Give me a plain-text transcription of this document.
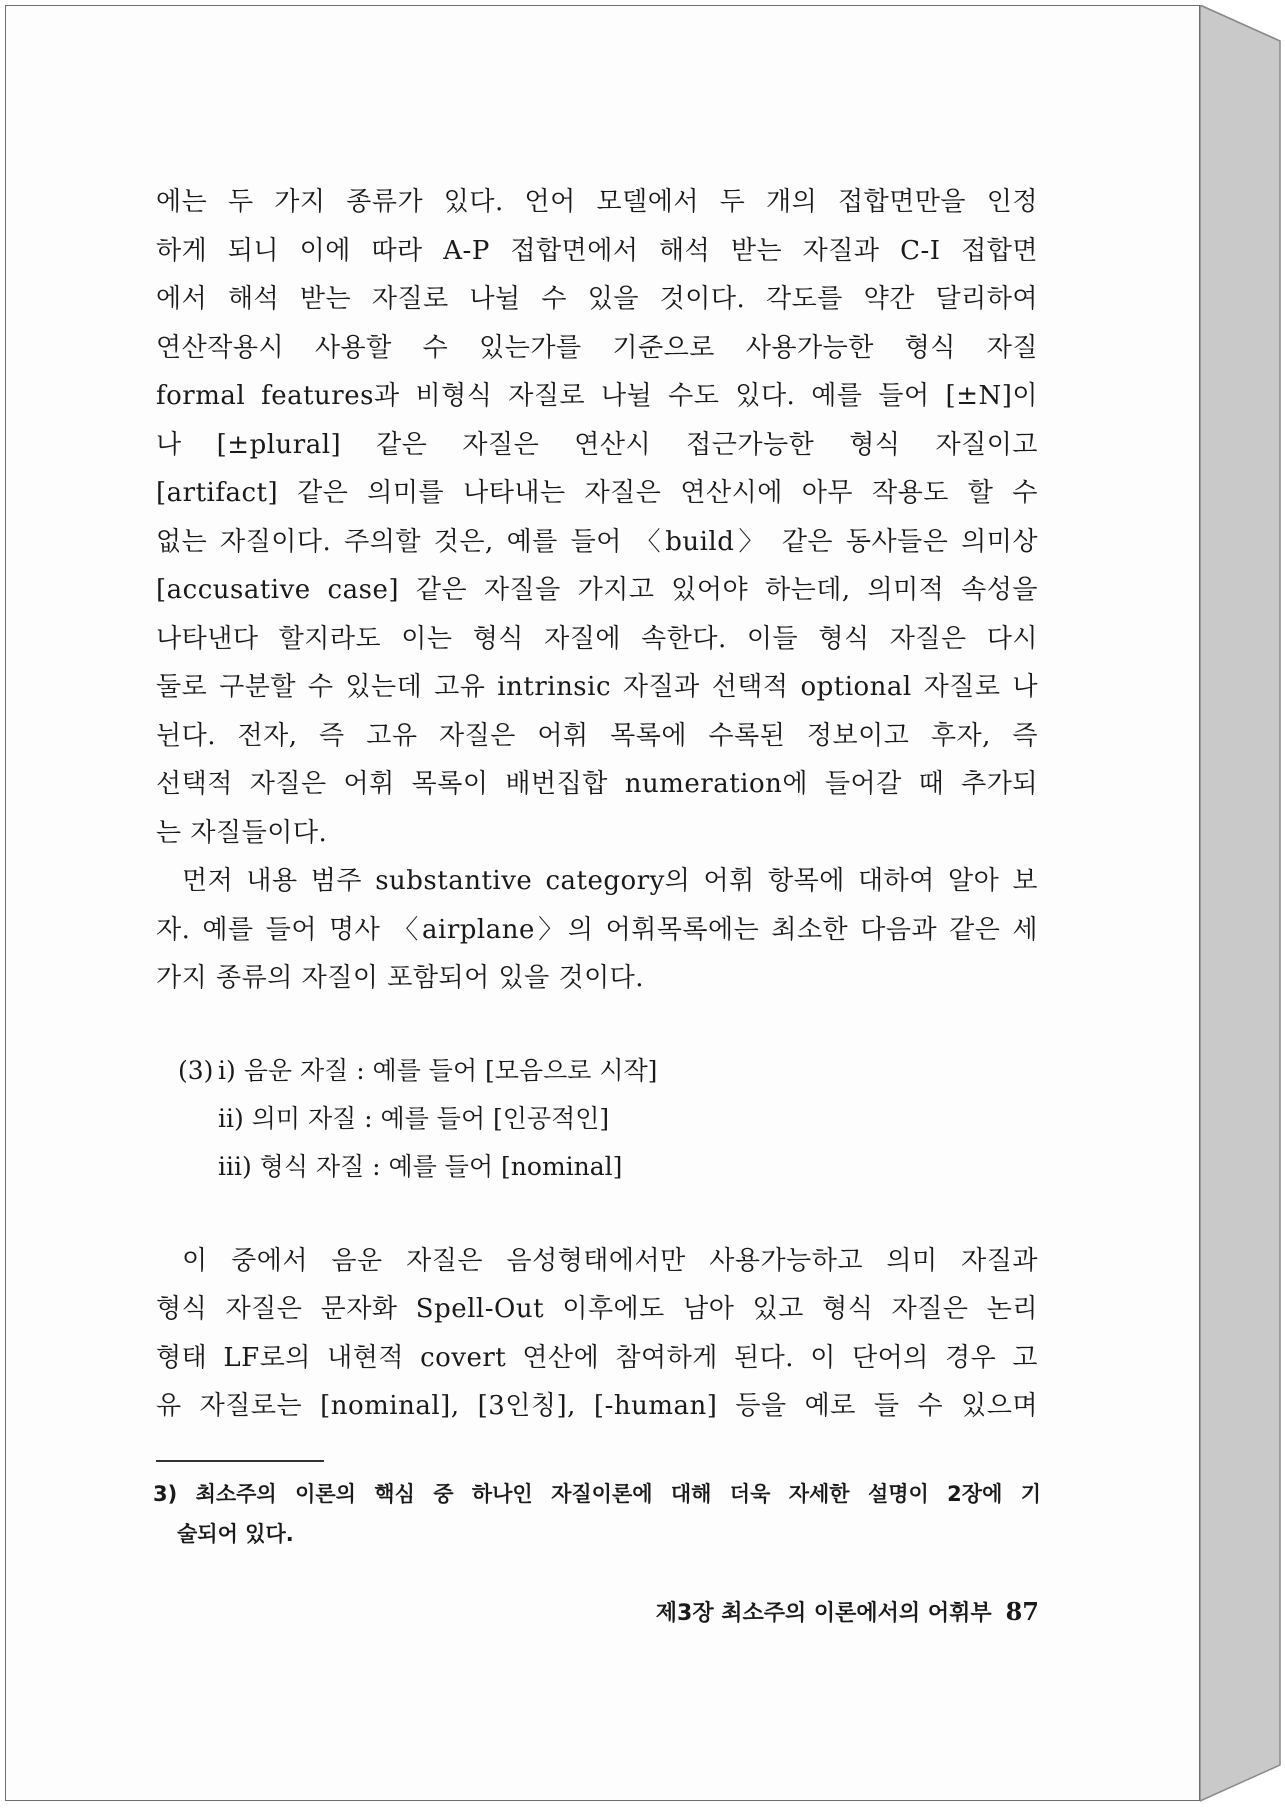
에는 두 가지 종류가 있다. 언어 모델에서 두 개의 접합면만을 인정

하게 되니 이에 따라 A-P 접합면에서 해석 받는 자질과 C-I 접합면

에서 해석 받는 자질로 나뉠 수 있을 것이다. 각도를 약간 달리하여

연산작용시 사용할 수 있는가를 기준으로 사용가능한 형식 자질

formal features과 비형식 자질로 나뉠 수도 있다. 예를 들어 [±N]이

나 [±plural] 같은 자질은 연산시 접근가능한 형식 자질이고

[artifact] 같은 의미를 나타내는 자질은 연산시에 아무 작용도 할 수

없는 자질이다. 주의할 것은, 예를 들어 〈build〉 같은 동사들은 의미상

[accusative case] 같은 자질을 가지고 있어야 하는데, 의미적 속성을

나타낸다 할지라도 이는 형식 자질에 속한다. 이들 형식 자질은 다시

둘로 구분할 수 있는데 고유 intrinsic 자질과 선택적 optional 자질로 나

뉜다. 전자, 즉 고유 자질은 어휘 목록에 수록된 정보이고 후자, 즉

선택적 자질은 어휘 목록이 배번집합 numeration에 들어갈 때 추가되

는 자질들이다.

먼저 내용 범주 substantive category의 어휘 항목에 대하여 알아 보

자. 예를 들어 명사 〈airplane〉의 어휘목록에는 최소한 다음과 같은 세

가지 종류의 자질이 포함되어 있을 것이다.

(3) i) 음운 자질 : 예를 들어 [모음으로 시작]
ii) 의미 자질 : 예를 들어 [인공적인]
iii) 형식 자질 : 예를 들어 [nominal]

이 중에서 음운 자질은 음성형태에서만 사용가능하고 의미 자질과

형식 자질은 문자화 Spell-Out 이후에도 남아 있고 형식 자질은 논리

형태 LF로의 내현적 covert 연산에 참여하게 된다. 이 단어의 경우 고

유 자질로는 [nominal], [3인칭], [-human] 등을 예로 들 수 있으며

3) 최소주의 이론의 핵심 중 하나인 자질이론에 대해 더욱 자세한 설명이 2장에 기
술되어 있다.
제3장 최소주의 이론에서의 어휘부 87
